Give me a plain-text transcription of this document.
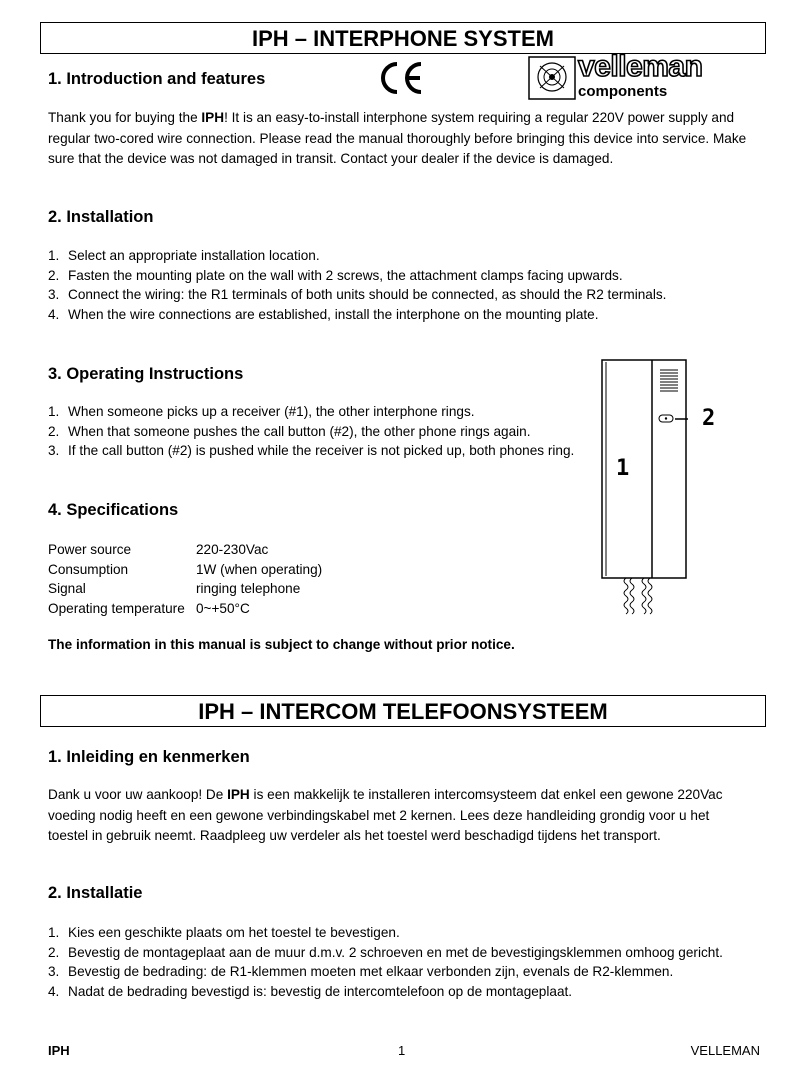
IPH – INTERPHONE SYSTEM
1. Introduction and features	velleman
components
Thank you for buying the IPH! It is an easy-to-install interphone system requiring a regular 220V power supply and regular two-cored wire connection. Please read the manual thoroughly before bringing this device into service. Make sure that the device was not damaged in transit. Contact your dealer if the device is damaged.
2. Installation
1. Select an appropriate installation location.
2. Fasten the mounting plate on the wall with 2 screws, the attachment clamps facing upwards.
3. Connect the wiring: the R1 terminals of both units should be connected, as should the R2 terminals.
4. When the wire connections are established, install the interphone on the mounting plate.
3. Operating Instructions
1. When someone picks up a receiver (#1), the other interphone rings.
2. When that someone pushes the call button (#2), the other phone rings again.
3. If the call button (#2) is pushed while the receiver is not picked up, both phones ring.
1
2
4. Specifications
Power source	220-230Vac
Consumption	1W (when operating)
Signal	ringing telephone
Operating temperature 0~+50°C
The information in this manual is subject to change without prior notice.
IPH – INTERCOM TELEFOONSYSTEEM
1. Inleiding en kenmerken
Dank u voor uw aankoop! De IPH is een makkelijk te installeren intercomsysteem dat enkel een gewone 220Vac voeding nodig heeft en een gewone verbindingskabel met 2 kernen. Lees deze handleiding grondig voor u het toestel in gebruik neemt. Raadpleeg uw verdeler als het toestel werd beschadigd tijdens het transport.
2. Installatie
1. Kies een geschikte plaats om het toestel te bevestigen.
2. Bevestig de montageplaat aan de muur d.m.v. 2 schroeven en met de bevestigingsklemmen omhoog gericht.
3. Bevestig de bedrading: de R1-klemmen moeten met elkaar verbonden zijn, evenals de R2-klemmen.
4. Nadat de bedrading bevestigd is: bevestig de intercomtelefoon op de montageplaat.
IPH	1	VELLEMAN
